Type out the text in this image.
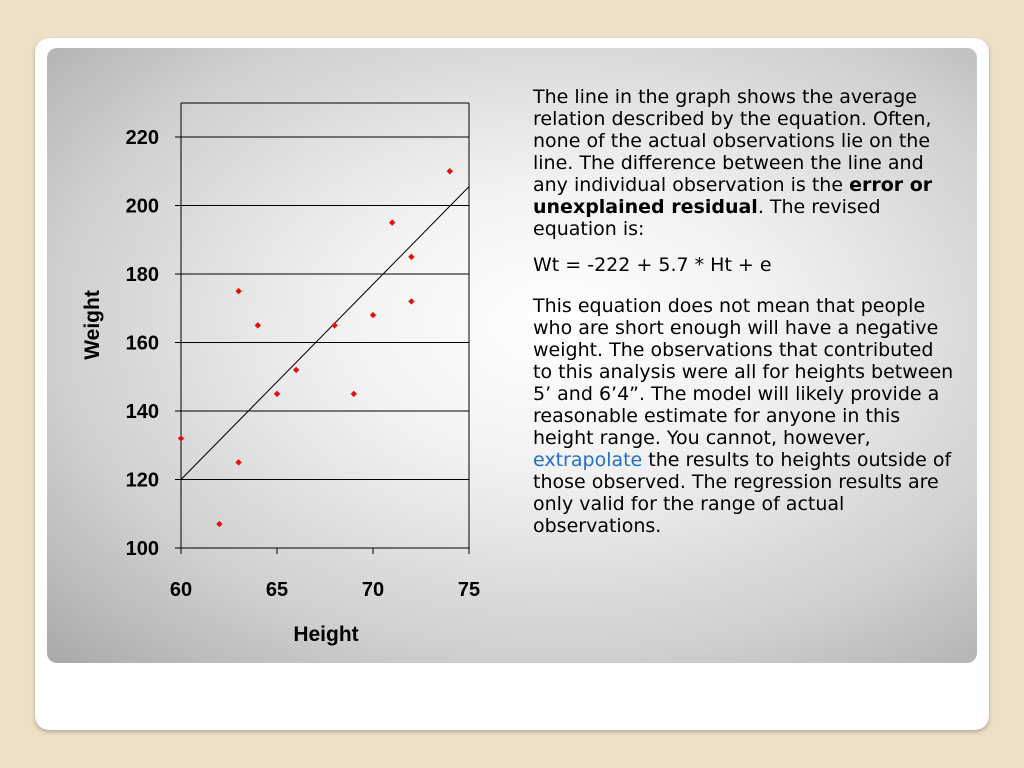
100
120
140
160
180
200
220
60	65	70	75
Height
Weight

The line in the graph shows the average relation described by the equation. Often, none of the actual observations lie on the line. The difference between the line and any individual observation is the error or unexplained residual. The revised equation is:

Wt = -222 + 5.7 * Ht + e

This equation does not mean that people who are short enough will have a negative weight. The observations that contributed to this analysis were all for heights between 5’ and 6’4”. The model will likely provide a reasonable estimate for anyone in this height range. You cannot, however, extrapolate the results to heights outside of those observed. The regression results are only valid for the range of actual observations.
